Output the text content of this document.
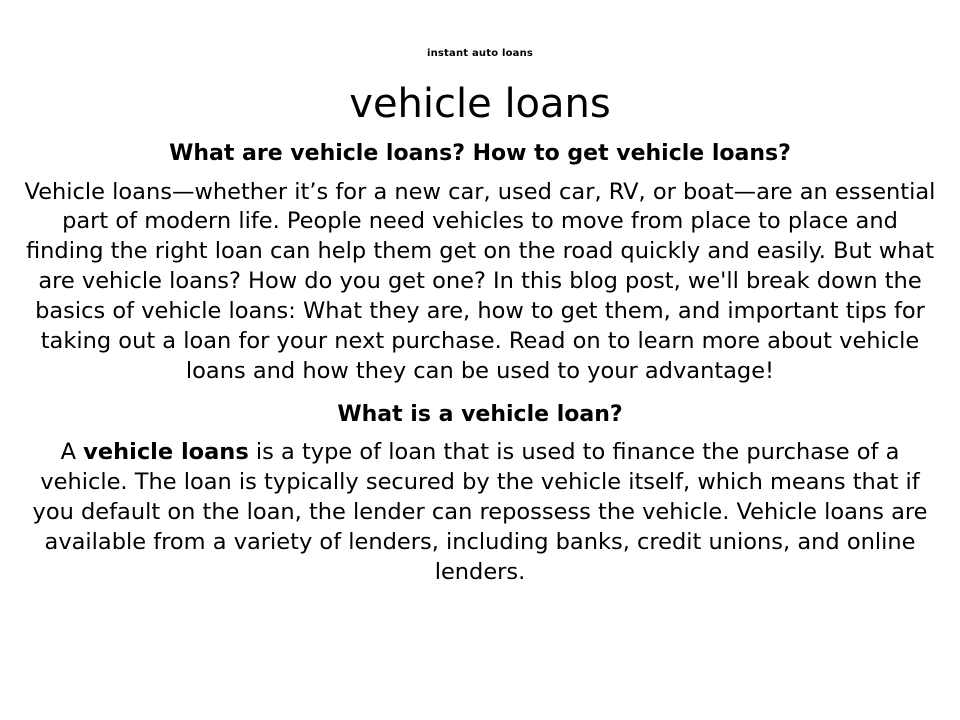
instant auto loans
vehicle loans
What are vehicle loans? How to get vehicle loans?

Vehicle loans—whether it’s for a new car, used car, RV, or boat—are an essential part of modern life. People need vehicles to move from place to place and finding the right loan can help them get on the road quickly and easily. But what are vehicle loans? How do you get one? In this blog post, we'll break down the basics of vehicle loans: What they are, how to get them, and important tips for taking out a loan for your next purchase. Read on to learn more about vehicle loans and how they can be used to your advantage!

What is a vehicle loan?

A vehicle loans is a type of loan that is used to finance the purchase of a vehicle. The loan is typically secured by the vehicle itself, which means that if you default on the loan, the lender can repossess the vehicle. Vehicle loans are available from a variety of lenders, including banks, credit unions, and online lenders.
